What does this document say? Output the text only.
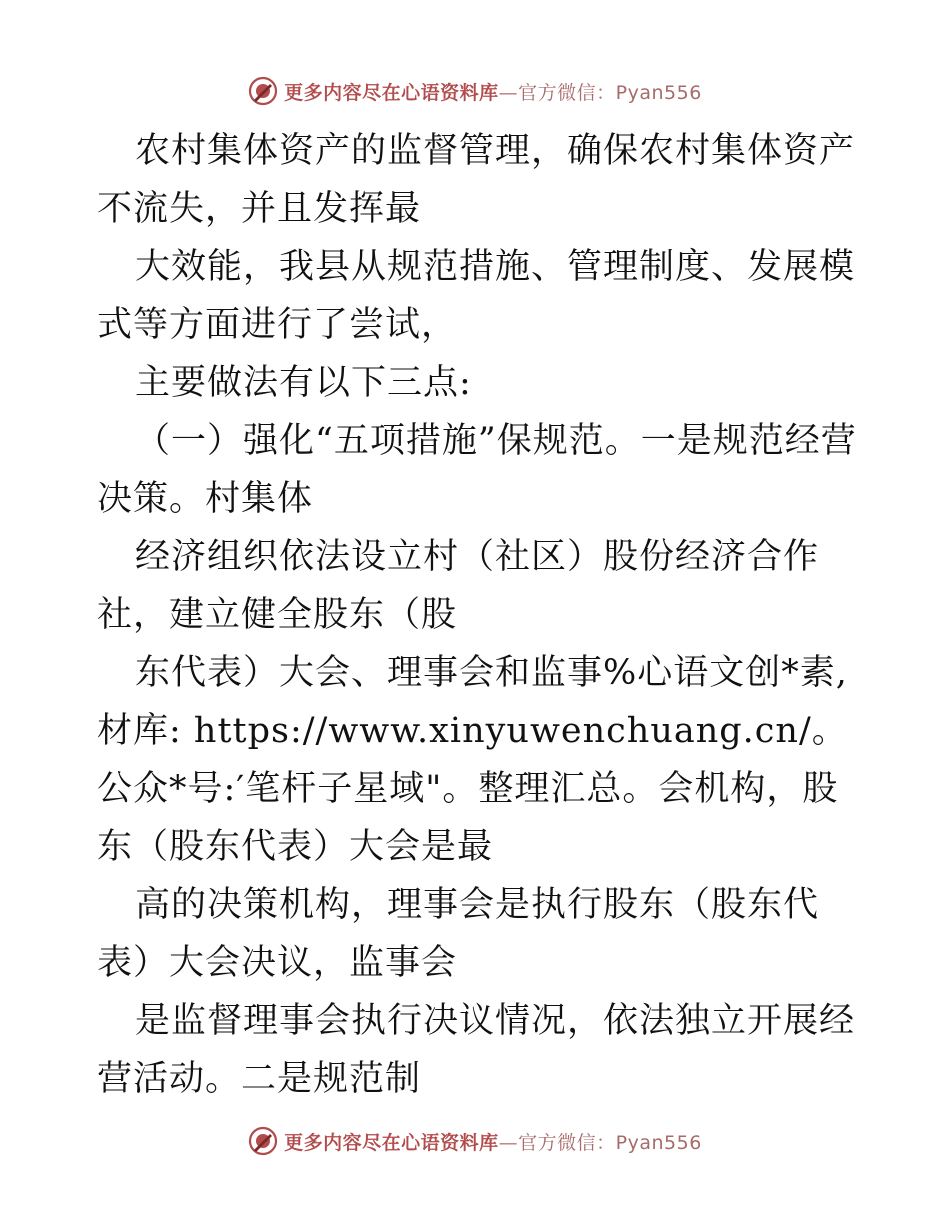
更多内容尽在心语资料库—官方微信：Pyan556

农村集体资产的监督管理，确保农村集体资产不流失，并且发挥最

大效能，我县从规范措施、管理制度、发展模式等方面进行了尝试，

主要做法有以下三点:

（一）强化“五项措施”保规范。一是规范经营决策。村集体

经济组织依法设立村（社区）股份经济合作社，建立健全股东（股

东代表）大会、理事会和监事%心语文创*素,材库: https://www.xinyuwenchuang.cn/。公众*号:′笔杆子星域"。整理汇总。会机构，股东（股东代表）大会是最

高的决策机构，理事会是执行股东（股东代表）大会决议，监事会

是监督理事会执行决议情况，依法独立开展经营活动。二是规范制

更多内容尽在心语资料库—官方微信：Pyan556
